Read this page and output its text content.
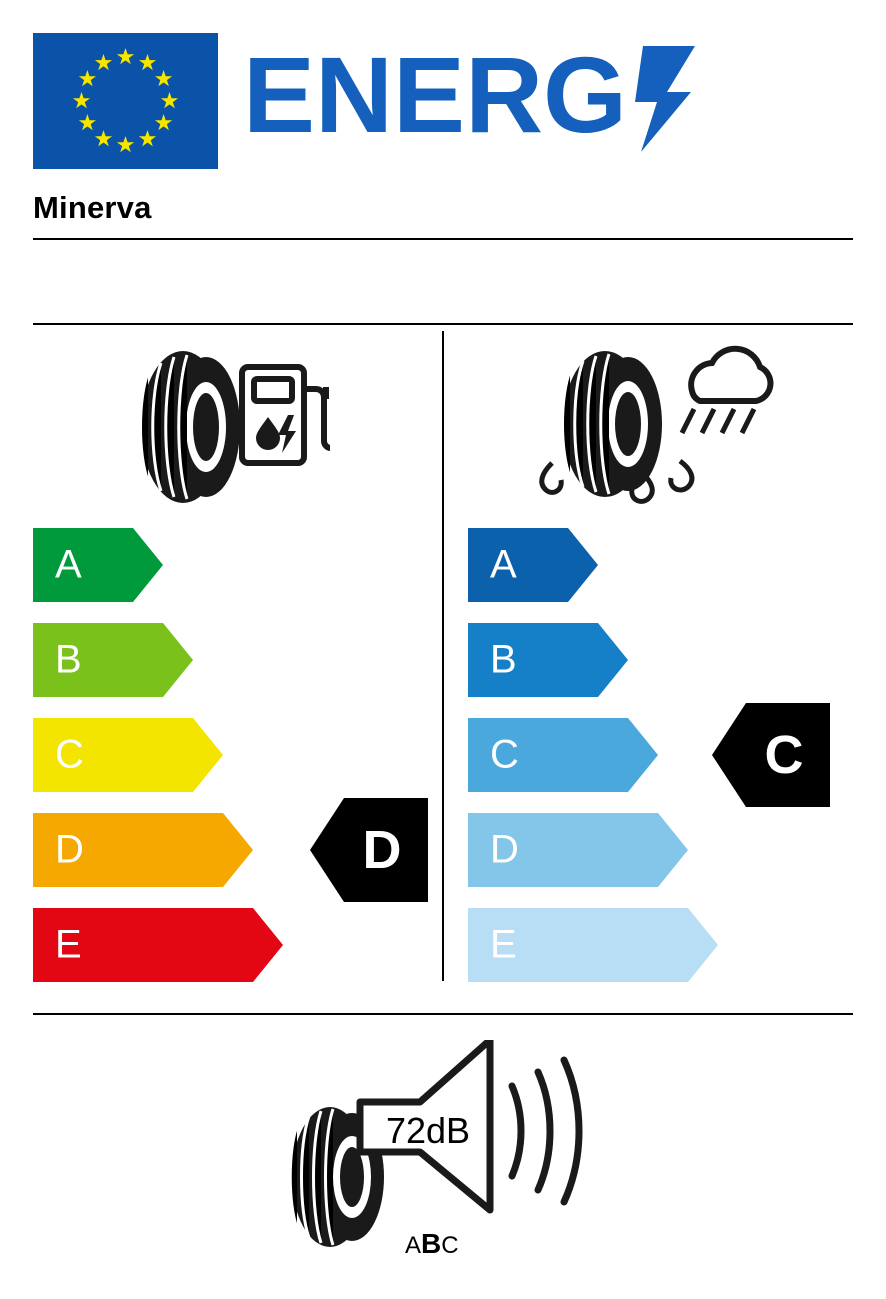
ENERG
Minerva
A
B
C
D
E
D
A
B
C
D
E
C
72dB
ABC
